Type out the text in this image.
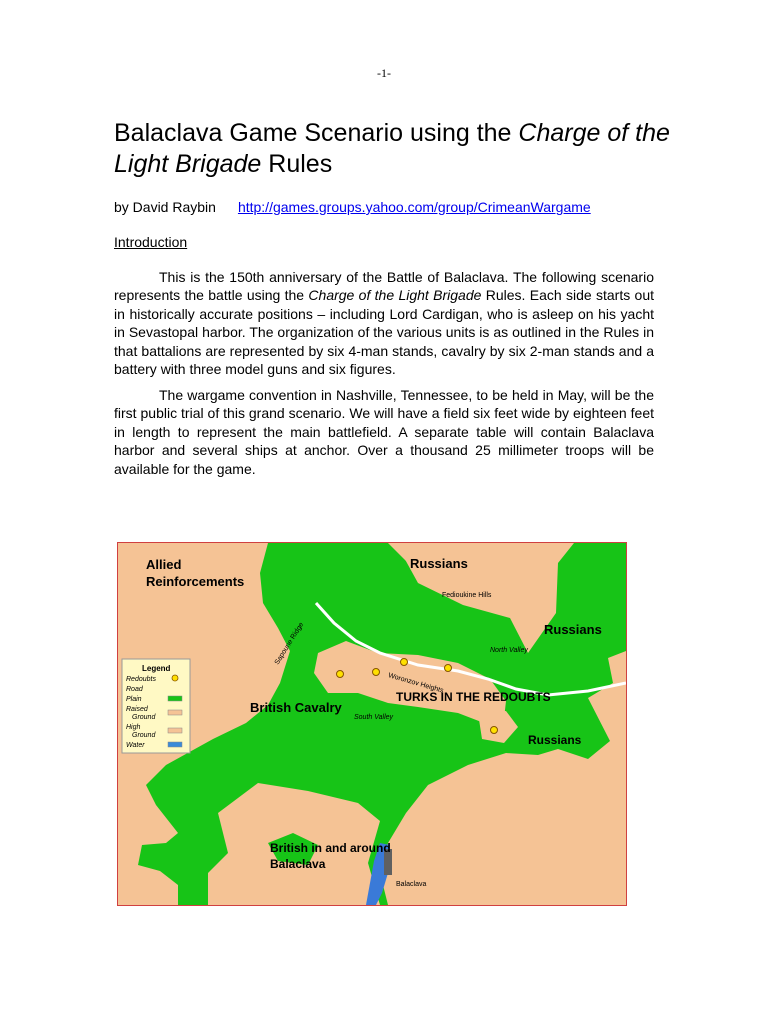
-1-
Balaclava Game Scenario using the Charge of the Light Brigade Rules
by David Raybin http://games.groups.yahoo.com/group/CrimeanWargame
Introduction

This is the 150th anniversary of the Battle of Balaclava. The following scenario represents the battle using the Charge of the Light Brigade Rules. Each side starts out in historically accurate positions – including Lord Cardigan, who is asleep on his yacht in Sevastopal harbor. The organization of the various units is as outlined in the Rules in that battalions are represented by six 4-man stands, cavalry by six 2-man stands and a battery with three model guns and six figures.

The wargame convention in Nashville, Tennessee, to be held in May, will be the first public trial of this grand scenario. We will have a field six feet wide by eighteen feet in length to represent the main battlefield. A separate table will contain Balaclava harbor and several ships at anchor. Over a thousand 25 millimeter troops will be available for the game.

Allied
Reinforcements
Russians
Fedioukine Hills
Sapoune Ridge	Russians
North Valley
Woronzov Heights
TURKS IN THE REDOUBTS
British Cavalry
South Valley
Russians
British in and around
Balaclava
Balaclava
Legend
Redoubts
Road
Plain
Raised
Ground
High
Ground
Water
